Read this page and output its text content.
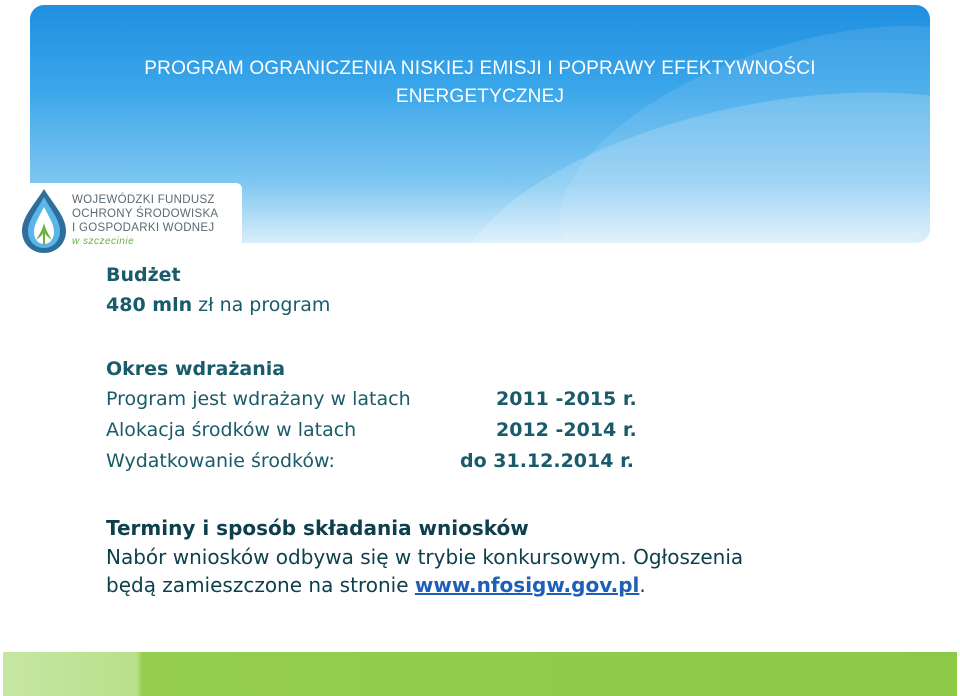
PROGRAM OGRANICZENIA NISKIEJ EMISJI I POPRAWY EFEKTYWNOŚCI
ENERGETYCZNEJ
WOJEWÓDZKI FUNDUSZ
OCHRONY ŚRODOWISKA
I GOSPODARKI WODNEJ
w szczecinie
Budżet
480 mln zł na program
Okres wdrażania
Program jest wdrażany w latach	2011 -2015 r.
Alokacja środków w latach	2012 -2014 r.
Wydatkowanie środków:	do 31.12.2014 r.
Terminy i sposób składania wniosków
Nabór wniosków odbywa się w trybie konkursowym. Ogłoszenia
będą zamieszczone na stronie www.nfosigw.gov.pl.
